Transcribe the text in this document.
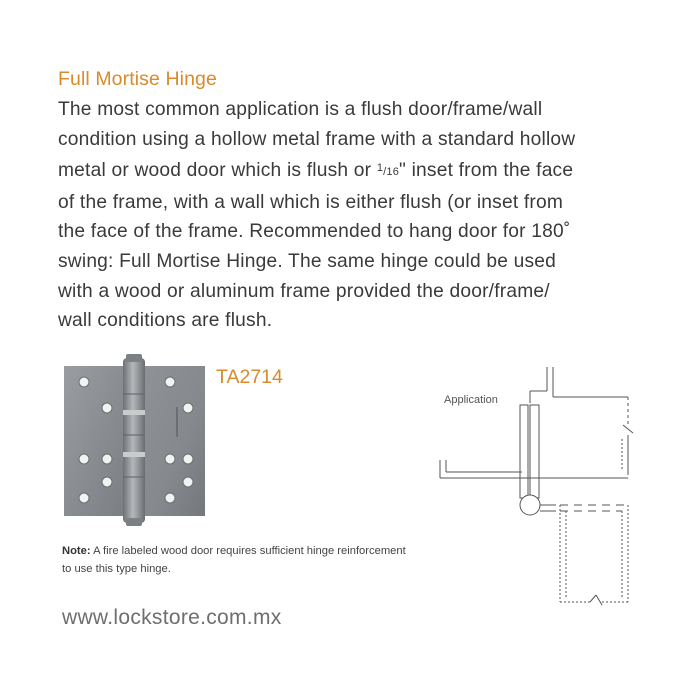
Full Mortise Hinge
The most common application is a flush door/frame/wall
condition using a hollow metal frame with a standard hollow
metal or wood door which is flush or $^1$/16" inset from the face
of the frame, with a wall which is either flush (or inset from
the face of the frame. Recommended to hang door for 180˚
swing: Full Mortise Hinge. The same hinge could be used
with a wood or aluminum frame provided the door/frame/
wall conditions are flush.
TA2714
Application
Note: A fire labeled wood door requires sufficient hinge reinforcement
to use this type hinge.
www.lockstore.com.mx
